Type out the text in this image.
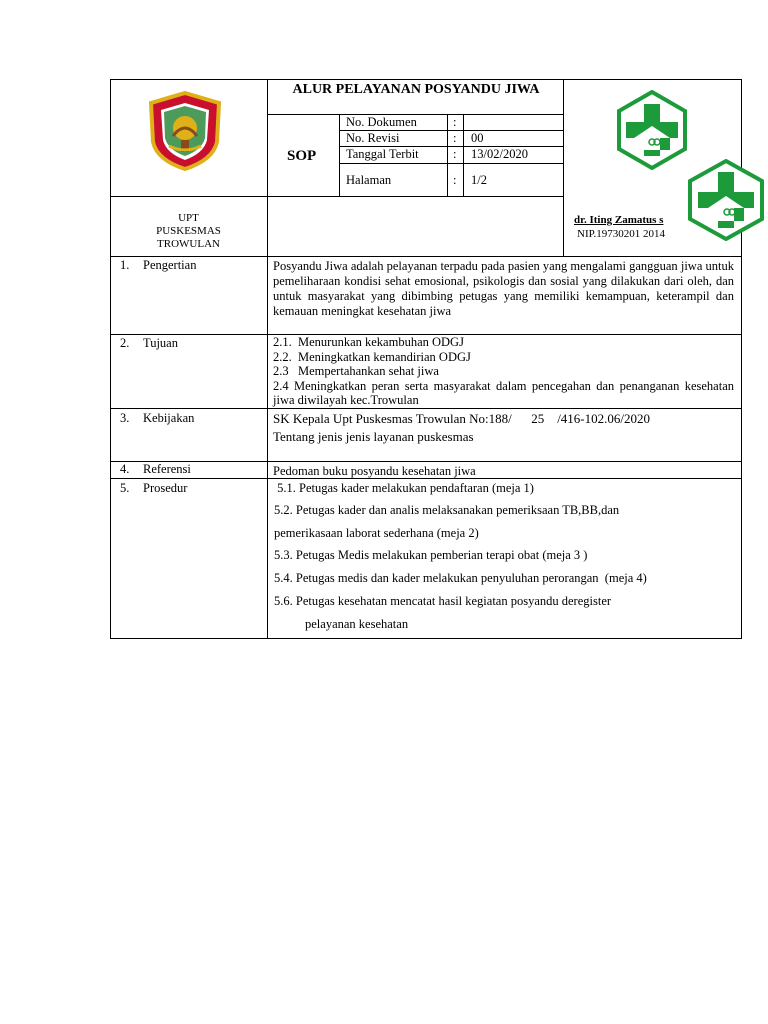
ALUR PELAYANAN POSYANDU JIWA
SOP
No. Dokumen	:
No. Revisi	: 00
Tanggal Terbit	: 13/02/2020
Halaman	: 1/2
UPT
PUSKESMAS
TROWULAN
dr. Iting Zamatus s
NIP.19730201 2014
1. Pengertian	Posyandu Jiwa adalah pelayanan terpadu pada pasien yang mengalami gangguan jiwa untuk pemeliharaan kondisi sehat emosional, psikologis dan sosial yang dilakukan dari oleh, dan untuk masyarakat yang dibimbing petugas yang memiliki kemampuan, keterampil dan kemauan meningkat kesehatan jiwa
2. Tujuan	2.1.  Menurunkan kekambuhan ODGJ
2.2.  Meningkatkan kemandirian ODGJ
2.3   Mempertahankan sehat jiwa
2.4 Meningkatkan peran serta masyarakat dalam pencegahan dan penanganan kesehatan jiwa diwilayah kec.Trowulan
3. Kebijakan	SK Kepala Upt Puskesmas Trowulan No:188/      25    /416-102.06/2020
Tentang jenis jenis layanan puskesmas
4. Referensi	Pedoman buku posyandu kesehatan jiwa
5. Prosedur	5.1. Petugas kader melakukan pendaftaran (meja 1)
5.2. Petugas kader dan analis melaksanakan pemeriksaan TB,BB,dan
pemerikasaan laborat sederhana (meja 2)
5.3. Petugas Medis melakukan pemberian terapi obat (meja 3 )
5.4. Petugas medis dan kader melakukan penyuluhan perorangan  (meja 4)
5.6. Petugas kesehatan mencatat hasil kegiatan posyandu deregister
pelayanan kesehatan
